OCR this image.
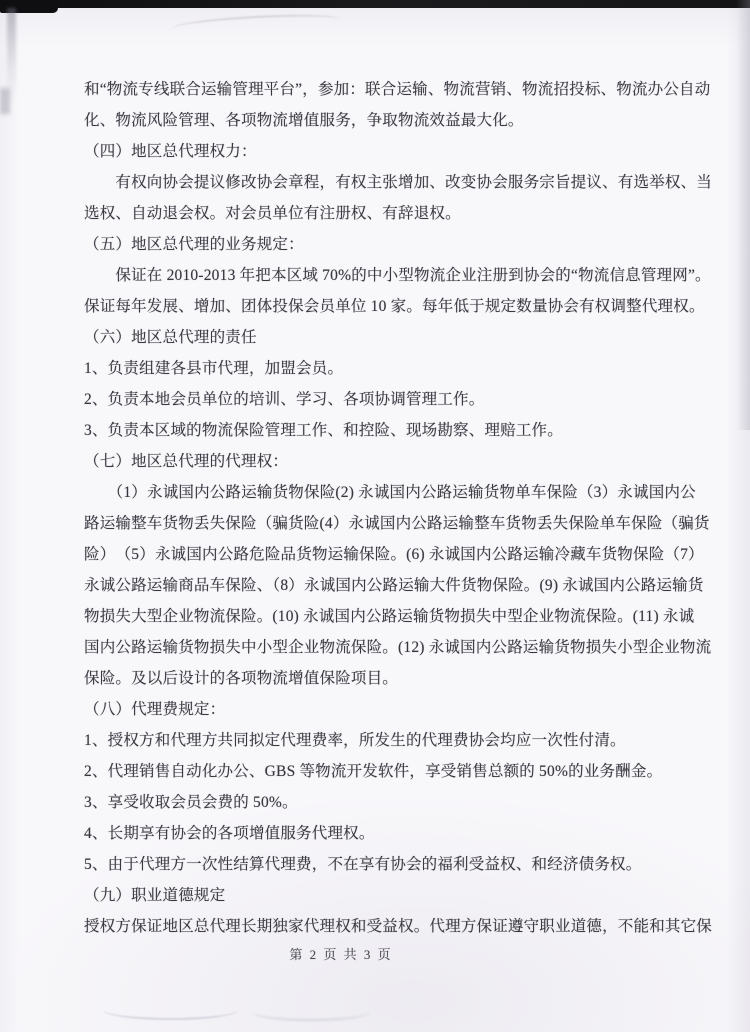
和“物流专线联合运输管理平台”，参加：联合运输、物流营销、物流招投标、物流办公自动
化、物流风险管理、各项物流增值服务，争取物流效益最大化。
（四）地区总代理权力：
　　有权向协会提议修改协会章程，有权主张增加、改变协会服务宗旨提议、有选举权、当
选权、自动退会权。对会员单位有注册权、有辞退权。
（五）地区总代理的业务规定：
　　保证在 2010-2013 年把本区域 70%的中小型物流企业注册到协会的“物流信息管理网”。
保证每年发展、增加、团体投保会员单位 10 家。每年低于规定数量协会有权调整代理权。
（六）地区总代理的责任
1、负责组建各县市代理，加盟会员。
2、负责本地会员单位的培训、学习、各项协调管理工作。
3、负责本区域的物流保险管理工作、和控险、现场勘察、理赔工作。
（七）地区总代理的代理权：
　　（1）永诚国内公路运输货物保险(2) 永诚国内公路运输货物单车保险（3）永诚国内公
路运输整车货物丢失保险（骗货险(4）永诚国内公路运输整车货物丢失保险单车保险（骗货
险）　（5）永诚国内公路危险品货物运输保险。(6) 永诚国内公路运输冷藏车货物保险（7）
永诚公路运输商品车保险、（8）永诚国内公路运输大件货物保险。(9) 永诚国内公路运输货
物损失大型企业物流保险。(10) 永诚国内公路运输货物损失中型企业物流保险。(11) 永诚
国内公路运输货物损失中小型企业物流保险。(12) 永诚国内公路运输货物损失小型企业物流
保险。及以后设计的各项物流增值保险项目。
（八）代理费规定：
1、授权方和代理方共同拟定代理费率，所发生的代理费协会均应一次性付清。
2、代理销售自动化办公、GBS 等物流开发软件，享受销售总额的 50%的业务酬金。
3、享受收取会员会费的 50%。
4、长期享有协会的各项增值服务代理权。
5、由于代理方一次性结算代理费，不在享有协会的福利受益权、和经济债务权。
（九）职业道德规定
授权方保证地区总代理长期独家代理权和受益权。代理方保证遵守职业道德，不能和其它保
第 2 页 共 3 页
